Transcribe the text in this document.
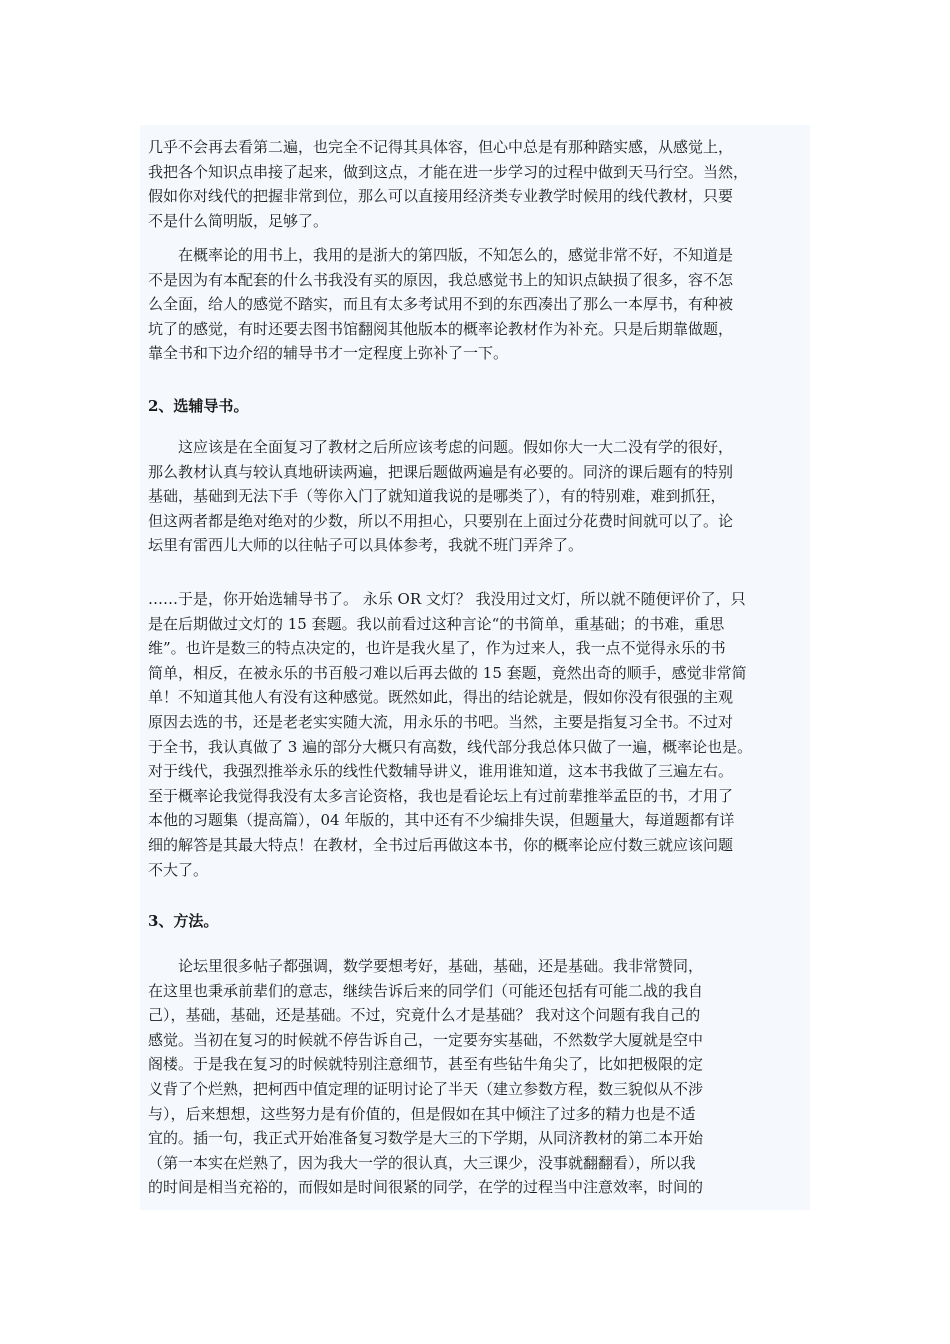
几乎不会再去看第二遍，也完全不记得其具体容，但心中总是有那种踏实感，从感觉上，
我把各个知识点串接了起来，做到这点，才能在进一步学习的过程中做到天马行空。当然，
假如你对线代的把握非常到位，那么可以直接用经济类专业教学时候用的线代教材，只要
不是什么简明版，足够了。
在概率论的用书上，我用的是浙大的第四版，不知怎么的，感觉非常不好，不知道是
不是因为有本配套的什么书我没有买的原因，我总感觉书上的知识点缺损了很多，容不怎
么全面，给人的感觉不踏实，而且有太多考试用不到的东西凑出了那么一本厚书，有种被
坑了的感觉，有时还要去图书馆翻阅其他版本的概率论教材作为补充。只是后期靠做题，
靠全书和下边介绍的辅导书才一定程度上弥补了一下。
2、选辅导书。
这应该是在全面复习了教材之后所应该考虑的问题。假如你大一大二没有学的很好，
那么教材认真与较认真地研读两遍，把课后题做两遍是有必要的。同济的课后题有的特别
基础，基础到无法下手（等你入门了就知道我说的是哪类了），有的特别难，难到抓狂，
但这两者都是绝对绝对的少数，所以不用担心，只要别在上面过分花费时间就可以了。论
坛里有雷西儿大师的以往帖子可以具体参考，我就不班门弄斧了。
……于是，你开始选辅导书了。 永乐 OR 文灯？ 我没用过文灯，所以就不随便评价了，只
是在后期做过文灯的 15 套题。我以前看过这种言论“的书简单，重基础；的书难，重思
维”。也许是数三的特点决定的，也许是我火星了，作为过来人，我一点不觉得永乐的书
简单，相反，在被永乐的书百般刁难以后再去做的 15 套题，竟然出奇的顺手，感觉非常简
单！不知道其他人有没有这种感觉。既然如此，得出的结论就是，假如你没有很强的主观
原因去选的书，还是老老实实随大流，用永乐的书吧。当然，主要是指复习全书。不过对
于全书，我认真做了 3 遍的部分大概只有高数，线代部分我总体只做了一遍，概率论也是。
对于线代，我强烈推举永乐的线性代数辅导讲义，谁用谁知道，这本书我做了三遍左右。
至于概率论我觉得我没有太多言论资格，我也是看论坛上有过前辈推举孟臣的书，才用了
本他的习题集（提高篇），04 年版的，其中还有不少编排失误，但题量大，每道题都有详
细的解答是其最大特点！在教材，全书过后再做这本书，你的概率论应付数三就应该问题
不大了。
3、方法。
论坛里很多帖子都强调，数学要想考好，基础，基础，还是基础。我非常赞同，
在这里也秉承前辈们的意志，继续告诉后来的同学们（可能还包括有可能二战的我自
己），基础，基础，还是基础。不过，究竟什么才是基础？ 我对这个问题有我自己的
感觉。当初在复习的时候就不停告诉自己，一定要夯实基础，不然数学大厦就是空中
阁楼。于是我在复习的时候就特别注意细节，甚至有些钻牛角尖了，比如把极限的定
义背了个烂熟，把柯西中值定理的证明讨论了半天（建立参数方程，数三貌似从不涉
与），后来想想，这些努力是有价值的，但是假如在其中倾注了过多的精力也是不适
宜的。插一句，我正式开始准备复习数学是大三的下学期，从同济教材的第二本开始
（第一本实在烂熟了，因为我大一学的很认真，大三课少，没事就翻翻看），所以我
的时间是相当充裕的，而假如是时间很紧的同学，在学的过程当中注意效率，时间的
